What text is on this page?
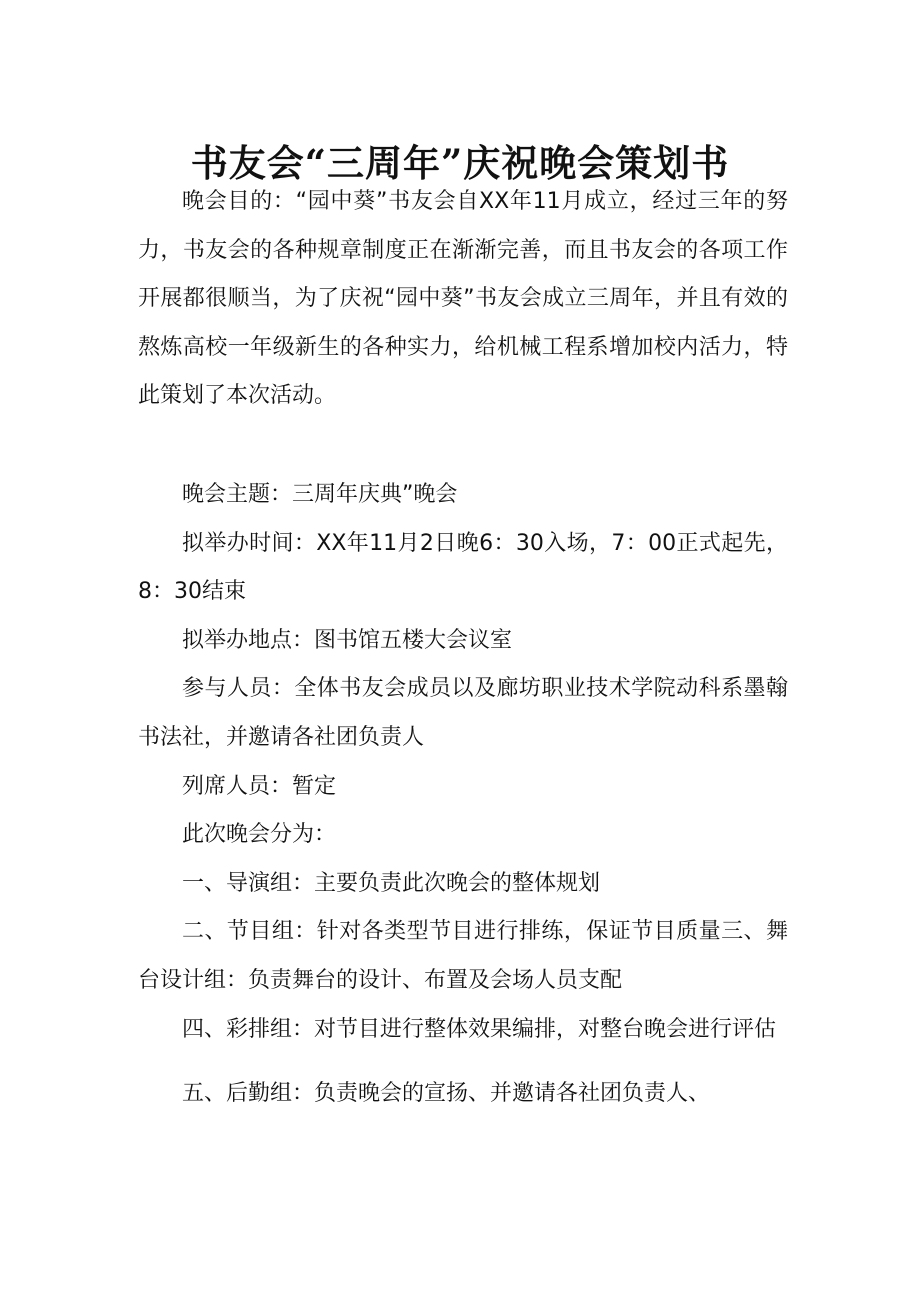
书友会“三周年”庆祝晚会策划书

晚会目的：“园中葵”书友会自XX年11月成立，经过三年的努力，书友会的各种规章制度正在渐渐完善，而且书友会的各项工作开展都很顺当，为了庆祝“园中葵”书友会成立三周年，并且有效的熬炼高校一年级新生的各种实力，给机械工程系增加校内活力，特此策划了本次活动。

晚会主题：三周年庆典”晚会

拟举办时间：XX年11月2日晚6：30入场，7：00正式起先，8：30结束

拟举办地点：图书馆五楼大会议室

参与人员：全体书友会成员以及廊坊职业技术学院动科系墨翰书法社，并邀请各社团负责人

列席人员：暂定

此次晚会分为：

一、导演组：主要负责此次晚会的整体规划

二、节目组：针对各类型节目进行排练，保证节目质量三、舞台设计组：负责舞台的设计、布置及会场人员支配

四、彩排组：对节目进行整体效果编排，对整台晚会进行评估

五、后勤组：负责晚会的宣扬、并邀请各社团负责人、
